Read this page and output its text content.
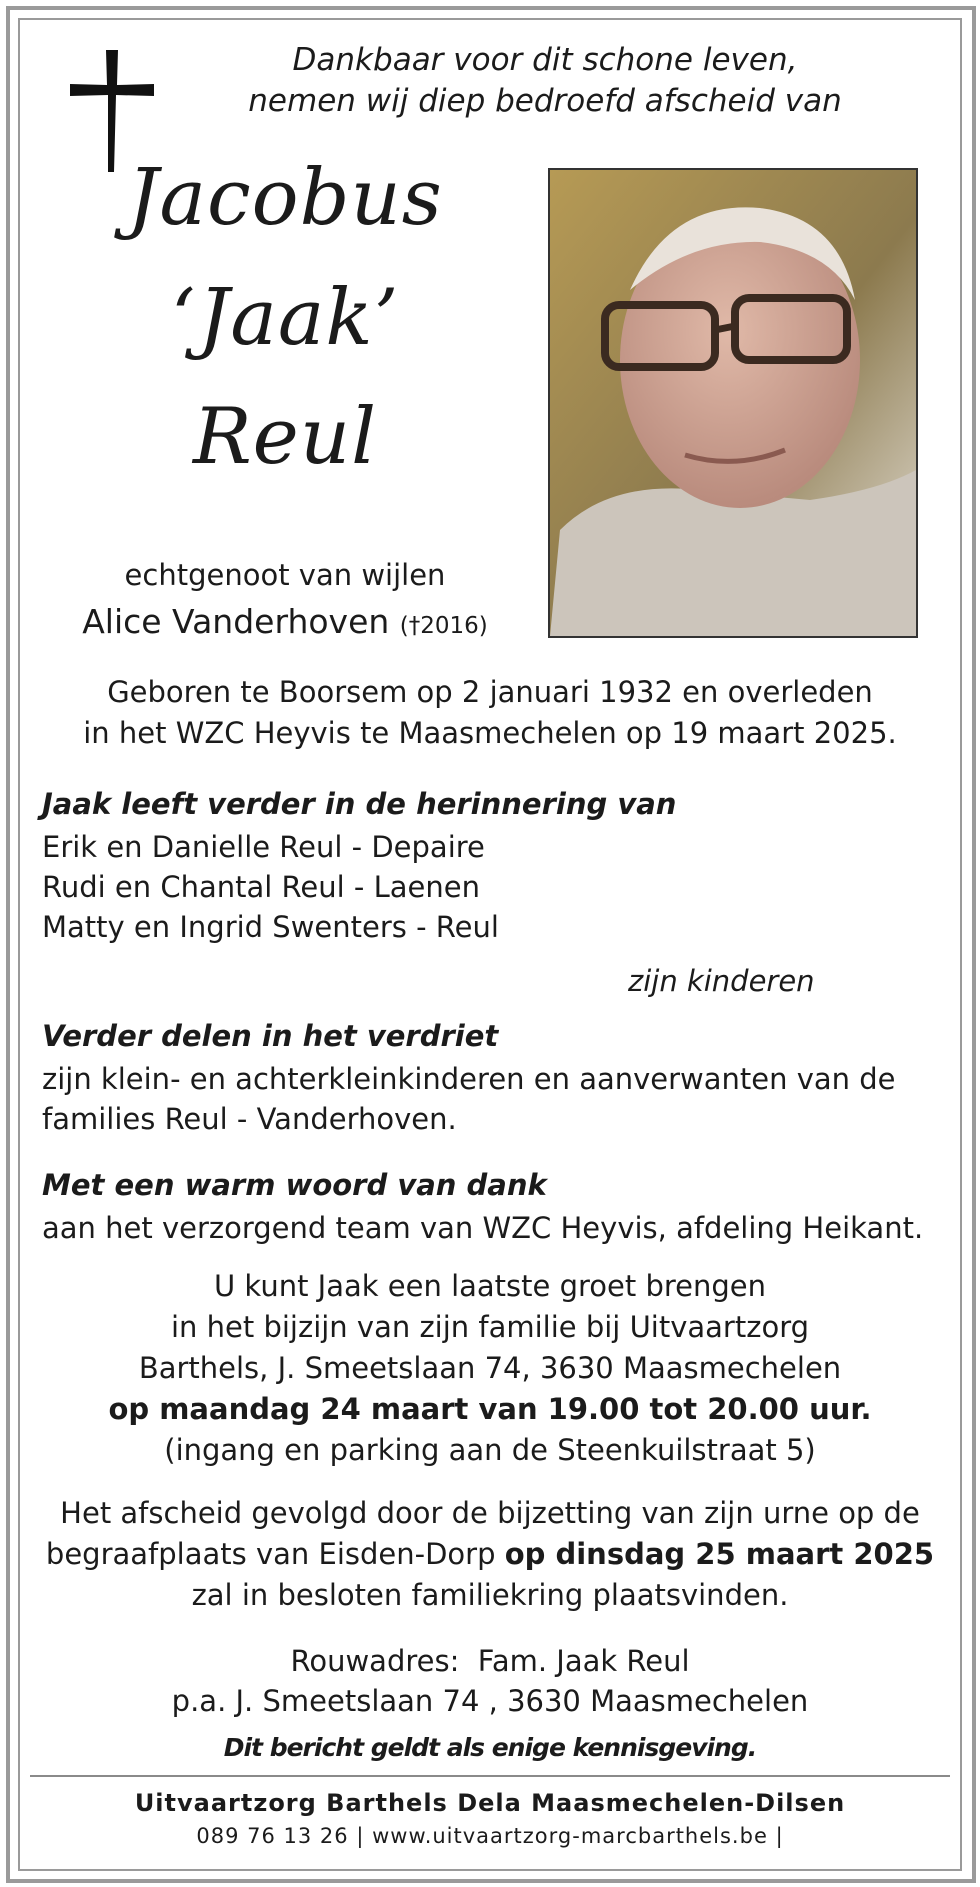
Dankbaar voor dit schone leven,
nemen wij diep bedroefd afscheid van
Jacobus
‘Jaak’
Reul
echtgenoot van wijlen
Alice Vanderhoven (†2016)
Geboren te Boorsem op 2 januari 1932 en overleden
in het WZC Heyvis te Maasmechelen op 19 maart 2025.
Jaak leeft verder in de herinnering van
Erik en Danielle Reul - Depaire
Rudi en Chantal Reul - Laenen
Matty en Ingrid Swenters - Reul
zijn kinderen
Verder delen in het verdriet
zijn klein- en achterkleinkinderen en aanverwanten van de
families Reul - Vanderhoven.
Met een warm woord van dank
aan het verzorgend team van WZC Heyvis, afdeling Heikant.
U kunt Jaak een laatste groet brengen
in het bijzijn van zijn familie bij Uitvaartzorg
Barthels, J. Smeetslaan 74, 3630 Maasmechelen
op maandag 24 maart van 19.00 tot 20.00 uur.
(ingang en parking aan de Steenkuilstraat 5)
Het afscheid gevolgd door de bijzetting van zijn urne op de
begraafplaats van Eisden-Dorp op dinsdag 25 maart 2025
zal in besloten familiekring plaatsvinden.
Rouwadres:  Fam. Jaak Reul
p.a. J. Smeetslaan 74 , 3630 Maasmechelen
Dit bericht geldt als enige kennisgeving.
Uitvaartzorg Barthels Dela Maasmechelen-Dilsen
089 76 13 26 | www.uitvaartzorg-marcbarthels.be |
